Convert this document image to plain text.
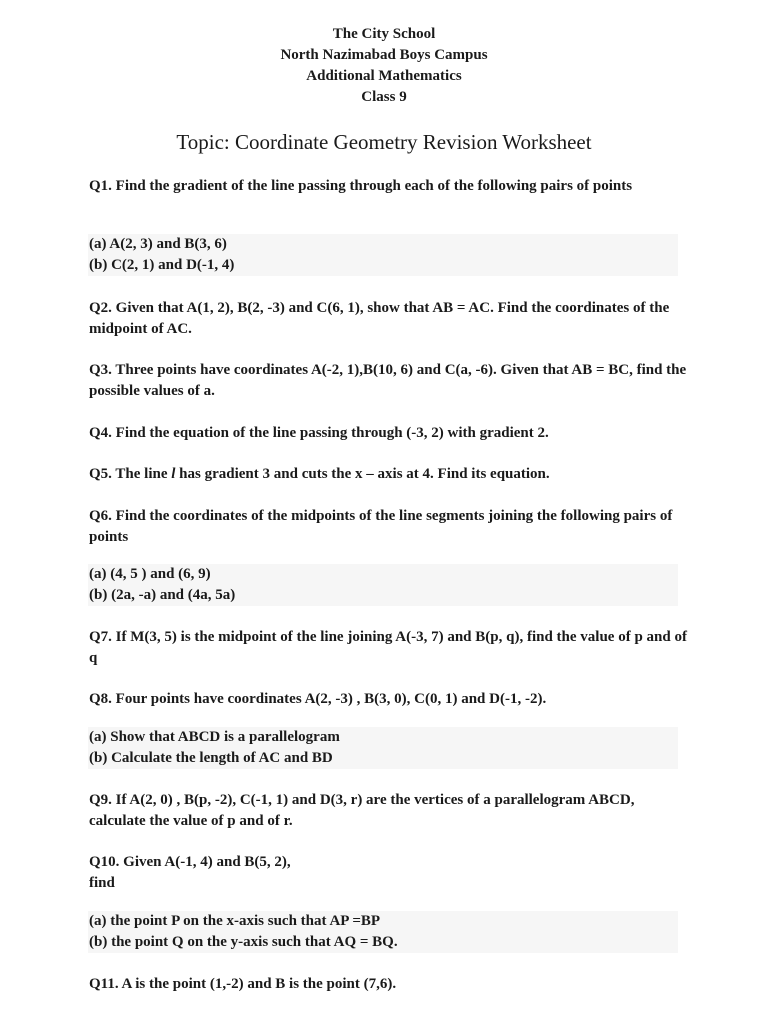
The City School
North Nazimabad Boys Campus
Additional Mathematics
Class 9
Topic: Coordinate Geometry Revision Worksheet
Q1. Find the gradient of the line passing through each of the following pairs of points
(a) A(2, 3) and B(3, 6)
(b) C(2, 1) and D(-1, 4)
Q2. Given that A(1, 2), B(2, -3) and C(6, 1), show that AB = AC. Find the coordinates of the midpoint of AC.
Q3. Three points have coordinates A(-2, 1),B(10, 6) and C(a, -6). Given that AB = BC, find the possible values of a.
Q4. Find the equation of the line passing through (-3, 2) with gradient 2.
Q5. The line l has gradient 3 and cuts the x – axis at 4. Find its equation.
Q6. Find the coordinates of the midpoints of the line segments joining the following pairs of points
(a) (4, 5 ) and (6, 9)
(b) (2a, -a) and (4a, 5a)
Q7. If M(3, 5) is the midpoint of the line joining A(-3, 7) and B(p, q), find the value of p and of q
Q8. Four points have coordinates A(2, -3) , B(3, 0), C(0, 1) and D(-1, -2).
(a) Show that ABCD is a parallelogram
(b) Calculate the length of AC and BD
Q9. If A(2, 0) , B(p, -2), C(-1, 1) and D(3, r) are the vertices of a parallelogram ABCD, calculate the value of p and of r.
Q10. Given A(-1, 4) and B(5, 2),
find
(a) the point P on the x-axis such that AP =BP
(b) the point Q on the y-axis such that AQ = BQ.
Q11. A is the point (1,-2) and B is the point (7,6).
